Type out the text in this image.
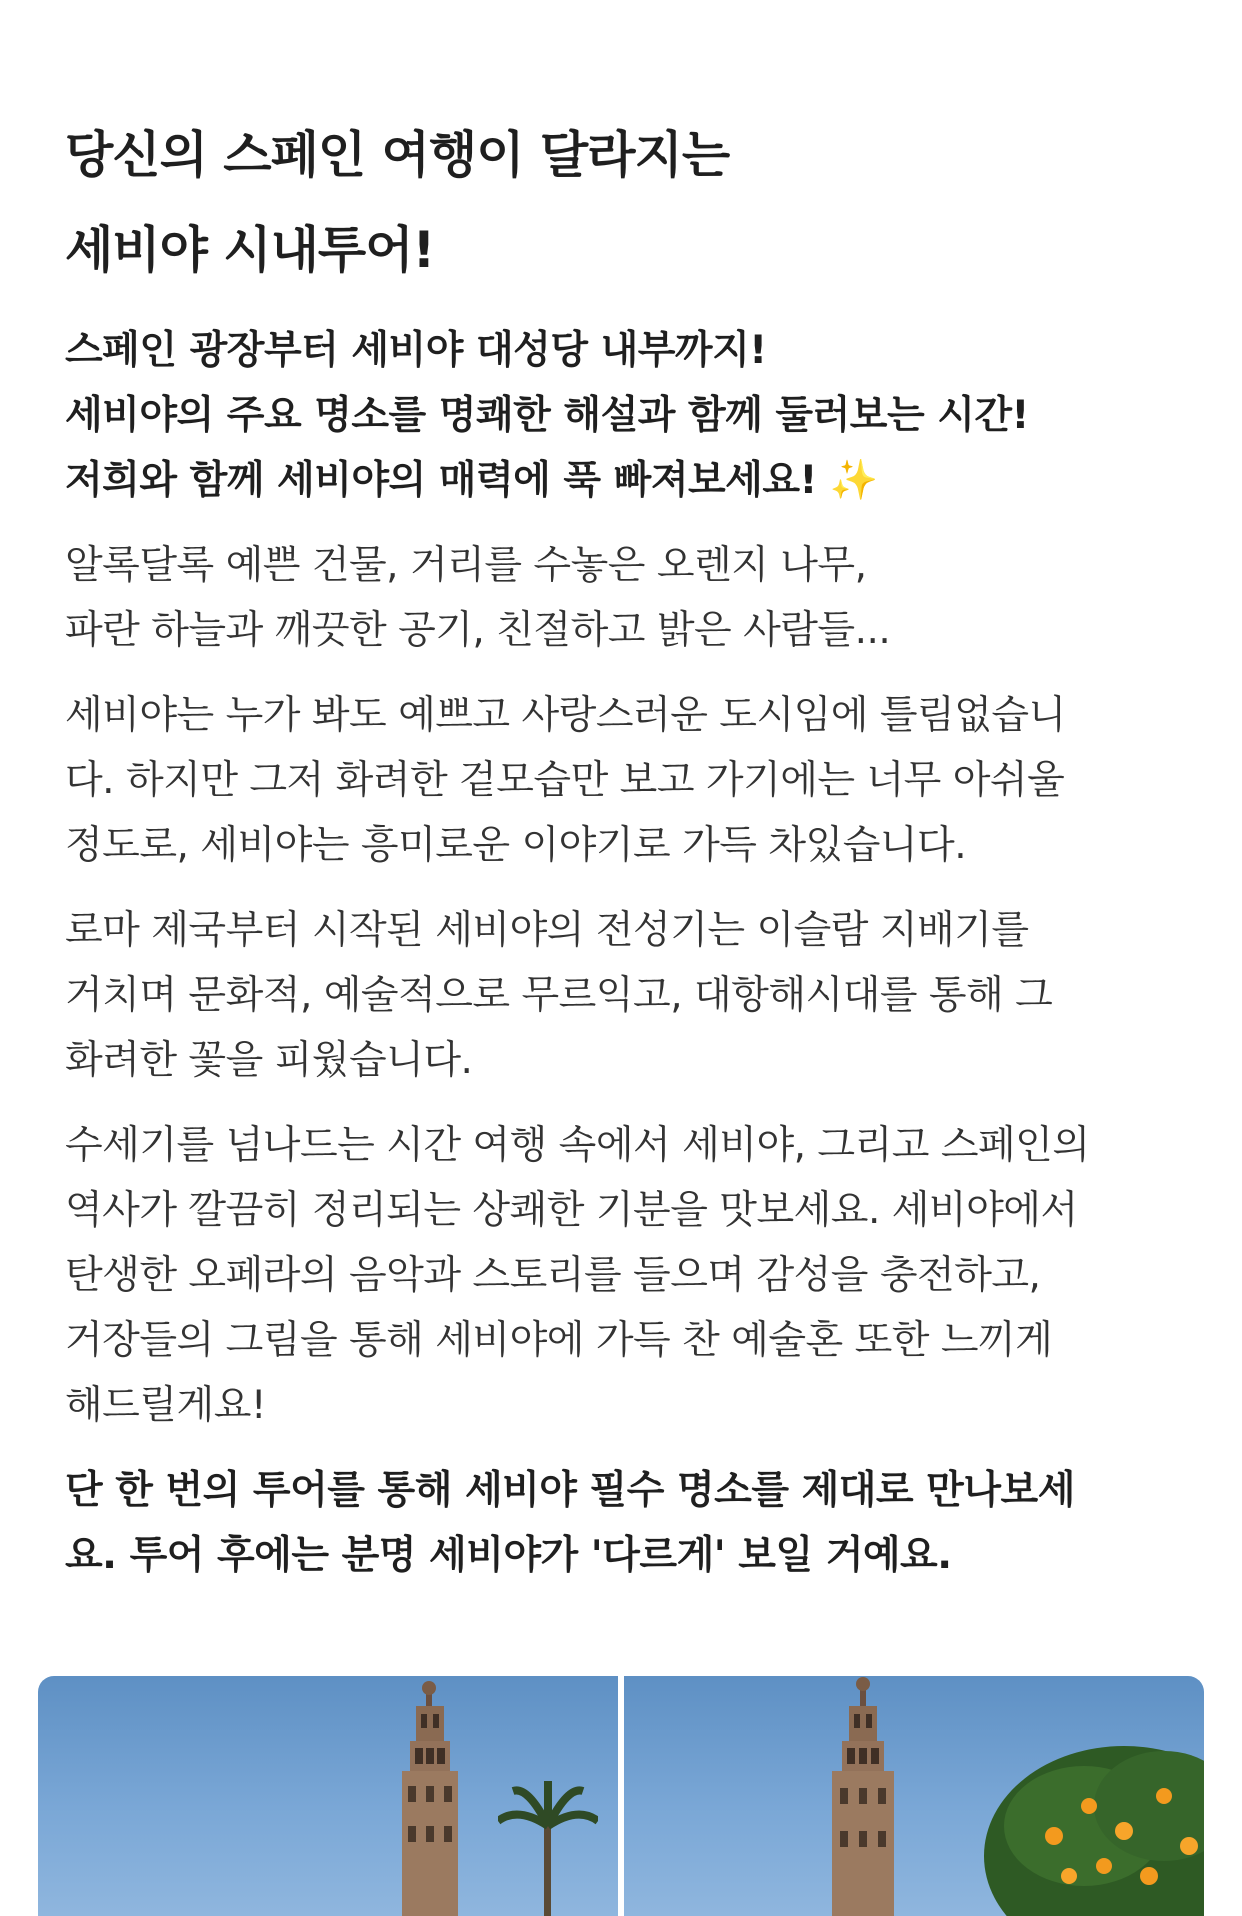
당신의 스페인 여행이 달라지는
세비야 시내투어!

스페인 광장부터 세비야 대성당 내부까지!
세비야의 주요 명소를 명쾌한 해설과 함께 둘러보는 시간!
저희와 함께 세비야의 매력에 푹 빠져보세요! ✨

알록달록 예쁜 건물, 거리를 수놓은 오렌지 나무,
파란 하늘과 깨끗한 공기, 친절하고 밝은 사람들...

세비야는 누가 봐도 예쁘고 사랑스러운 도시임에 틀림없습니
다. 하지만 그저 화려한 겉모습만 보고 가기에는 너무 아쉬울
정도로, 세비야는 흥미로운 이야기로 가득 차있습니다.

로마 제국부터 시작된 세비야의 전성기는 이슬람 지배기를
거치며 문화적, 예술적으로 무르익고, 대항해시대를 통해 그
화려한 꽃을 피웠습니다.

수세기를 넘나드는 시간 여행 속에서 세비야, 그리고 스페인의
역사가 깔끔히 정리되는 상쾌한 기분을 맛보세요. 세비야에서
탄생한 오페라의 음악과 스토리를 들으며 감성을 충전하고,
거장들의 그림을 통해 세비야에 가득 찬 예술혼 또한 느끼게
해드릴게요!

단 한 번의 투어를 통해 세비야 필수 명소를 제대로 만나보세
요. 투어 후에는 분명 세비야가 '다르게' 보일 거예요.
